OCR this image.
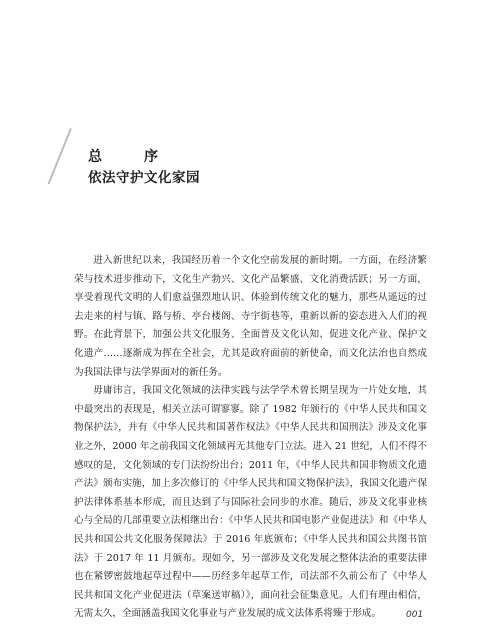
总　序
依法守护文化家园

进入新世纪以来，我国经历着一个文化空前发展的新时期。一方面，在经济繁荣与技术进步推动下，文化生产勃兴、文化产品繁盛、文化消费活跃；另一方面，享受着现代文明的人们愈益强烈地认识、体验到传统文化的魅力，那些从遥远的过去走来的村与镇、路与桥、亭台楼阁、寺宇街巷等，重新以新的姿态进入人们的视野。在此背景下，加强公共文化服务、全面普及文化认知、促进文化产业、保护文化遗产……逐渐成为挥在全社会，尤其是政府面前的新使命，而文化法治也自然成为我国法律与法学界面对的新任务。

毋庸讳言，我国文化领域的法律实践与法学学术曾长期呈现为一片处女地，其中最突出的表现是，相关立法可谓寥寥。除了 1982 年颁行的《中华人民共和国文物保护法》，并有《中华人民共和国著作权法》《中华人民共和国刑法》涉及文化事业之外，2000 年之前我国文化领域再无其他专门立法。进入 21 世纪，人们不得不感叹的是，文化领域的专门法纷纷出台；2011 年，《中华人民共和国非物质文化遗产法》颁布实施，加上多次修订的《中华人民共和国文物保护法》，我国文化遗产保护法律体系基本形成，而且达到了与国际社会同步的水准。随后，涉及文化事业核心与全局的几部重要立法相继出台：《中华人民共和国电影产业促进法》和《中华人民共和国公共文化服务保障法》于 2016 年底颁布；《中华人民共和国公共图书馆法》于 2017 年 11 月颁布。现如今，另一部涉及文化发展之整体法治的重要法律也在紧锣密鼓地起草过程中——历经多年起草工作，司法部不久前公布了《中华人民共和国文化产业促进法（草案送审稿）》，面向社会征集意见。人们有理由相信，无需太久，全面涵盖我国文化事业与产业发展的成文法体系将臻于形成。	001
